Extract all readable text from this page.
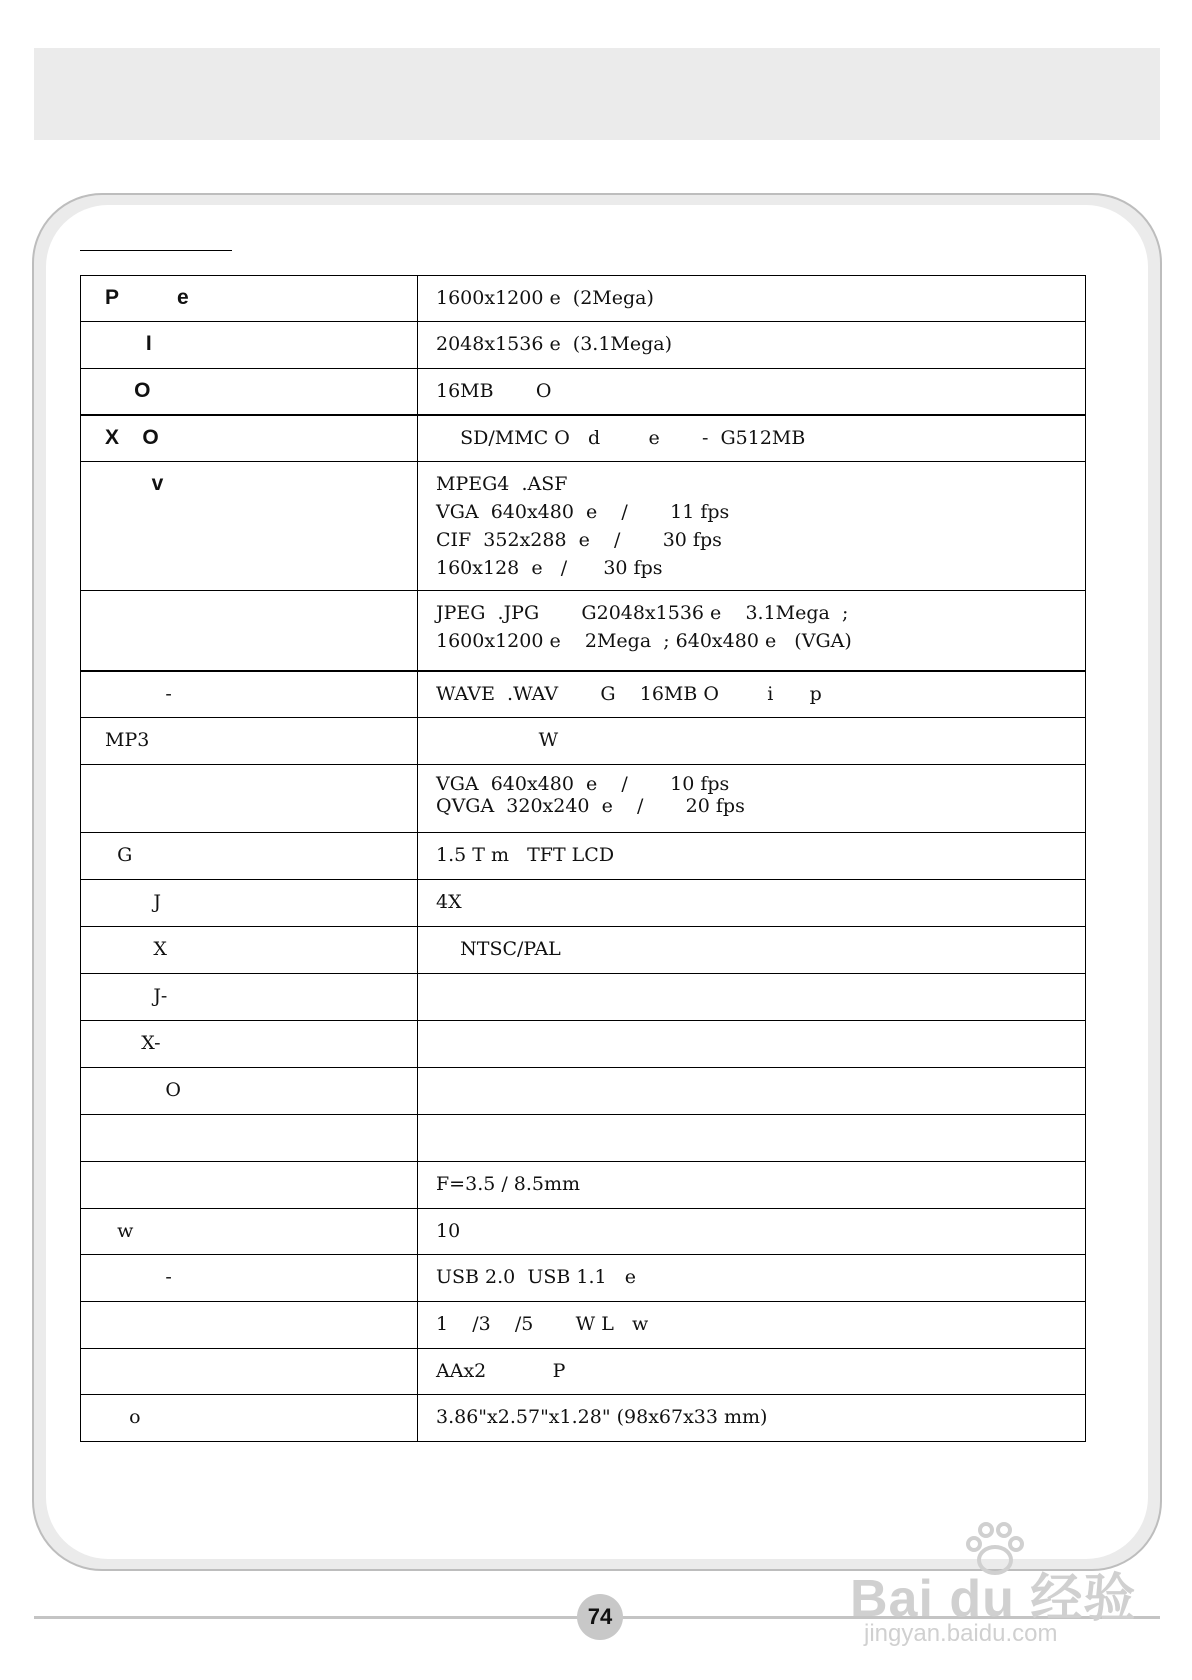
P          e	1600x1200 e  (2Mega)

I	2048x1536 e  (3.1Mega)

O	16MB       O

X    O	SD/MMC O   d        e       -  G512MB

v	MPEG4  .ASF
VGA  640x480  e    /       11 fps
CIF  352x288  e    /       30 fps
160x128  e   /      30 fps

	JPEG  .JPG       G2048x1536 e    3.1Mega  ;
1600x1200 e    2Mega  ; 640x480 e   (VGA)

-	WAVE  .WAV       G    16MB O        i      p

MP3	W

	VGA  640x480  e    /       10 fps
QVGA  320x240  e    /       20 fps

G	1.5 T m   TFT LCD

J	4X

X	NTSC/PAL

J-	

X-	

O	

	F=3.5 / 8.5mm

w	10

-	USB 2.0  USB 1.1   e

	1    /3    /5       W L   w

	AAx2           P

o	3.86"x2.57"x1.28" (98x67x33 mm)
74	Bai du 经验
jingyan.baidu.com
